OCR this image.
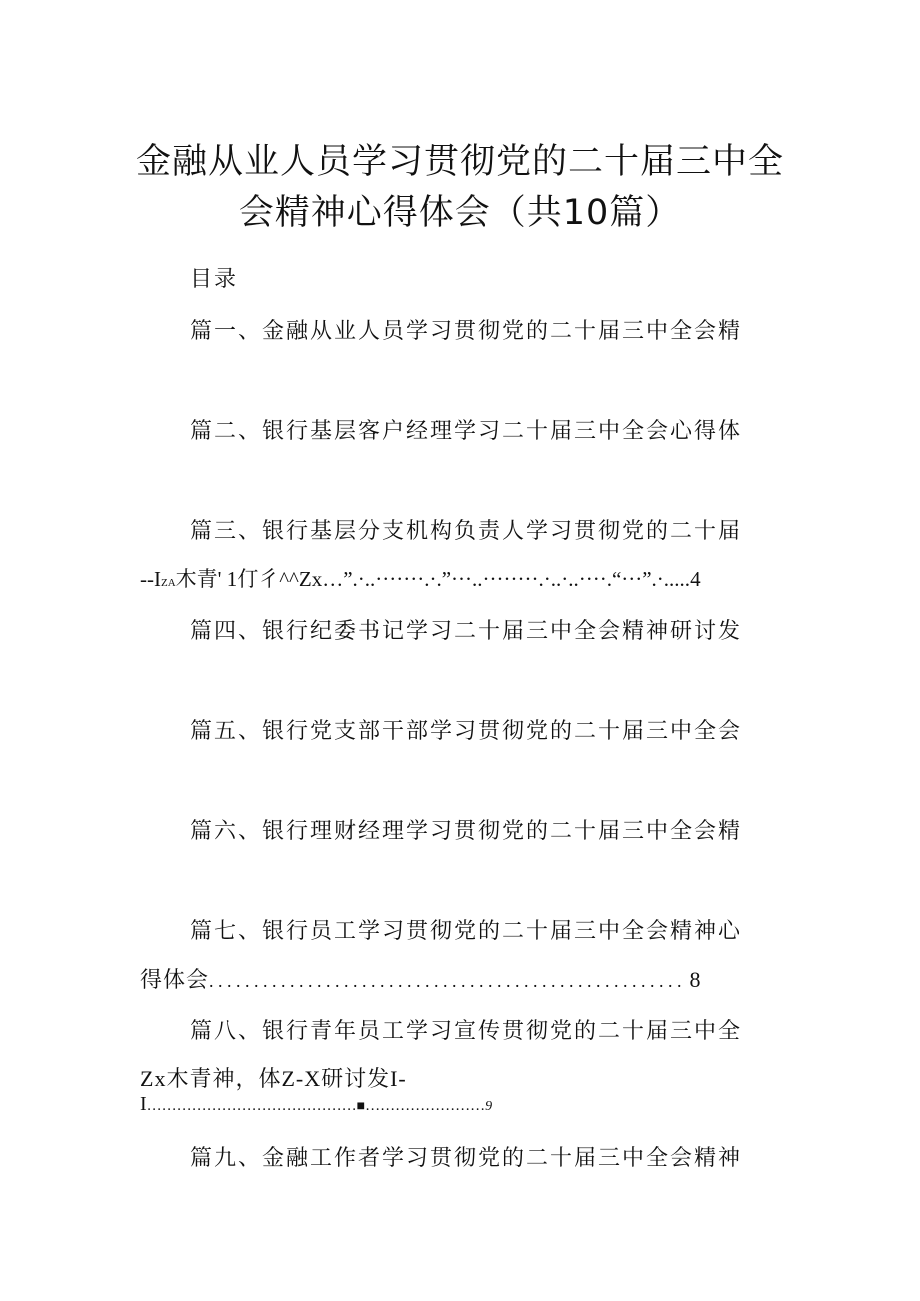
金融从业人员学习贯彻党的二十届三中全
会精神心得体会（共10篇）
目录
篇一、金融从业人员学习贯彻党的二十届三中全会精
篇二、银行基层客户经理学习二十届三中全会心得体
篇三、银行基层分支机构负责人学习贯彻党的二十届
--IZA木青' 1仃彳^^Zx…”.·..·······.·.”···..········.·..·..····.“···”.·.....4
篇四、银行纪委书记学习二十届三中全会精神研讨发
篇五、银行党支部干部学习贯彻党的二十届三中全会
篇六、银行理财经理学习贯彻党的二十届三中全会精
篇七、银行员工学习贯彻党的二十届三中全会精神心
得体会. . . . . . . . . . . . . . . . . . . . . . . . . . . . . . . . . . . . . . . . . . . . . . . . . . . . . 8
篇八、银行青年员工学习宣传贯彻党的二十届三中全
Zx木青神，体Z-X研讨发I-
I……………………………………■……………………9
篇九、金融工作者学习贯彻党的二十届三中全会精神
